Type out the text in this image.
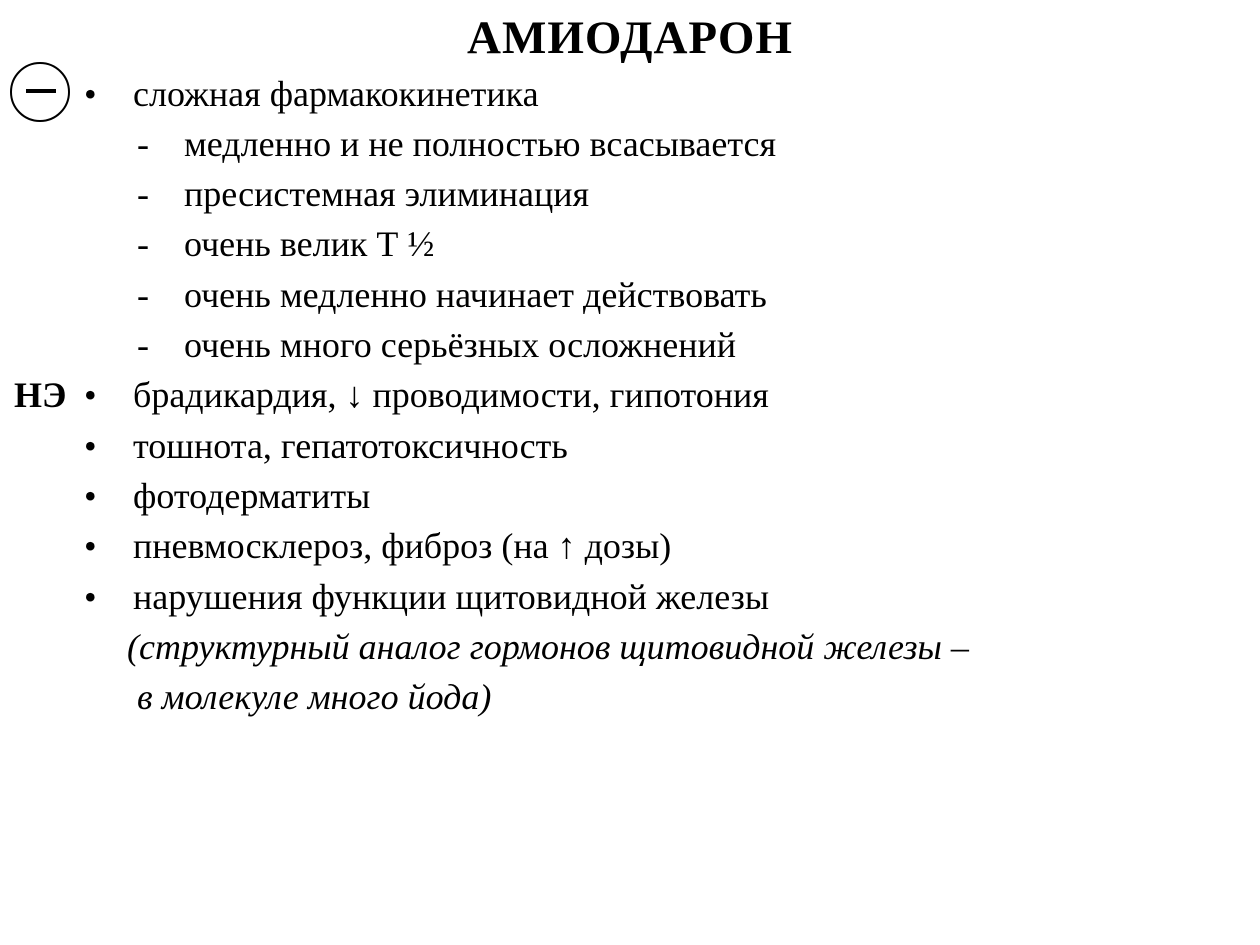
АМИОДАРОН
• сложная фармакокинетика
- медленно и не полностью всасывается
- пресистемная элиминация
- очень велик Т ½
- очень медленно начинает действовать
- очень много серьёзных осложнений
НЭ • брадикардия, ↓ проводимости, гипотония
• тошнота, гепатотоксичность
• фотодерматиты
• пневмосклероз, фиброз (на ↑ дозы)
• нарушения функции щитовидной железы
(структурный аналог гормонов щитовидной железы –
в молекуле много йода)
